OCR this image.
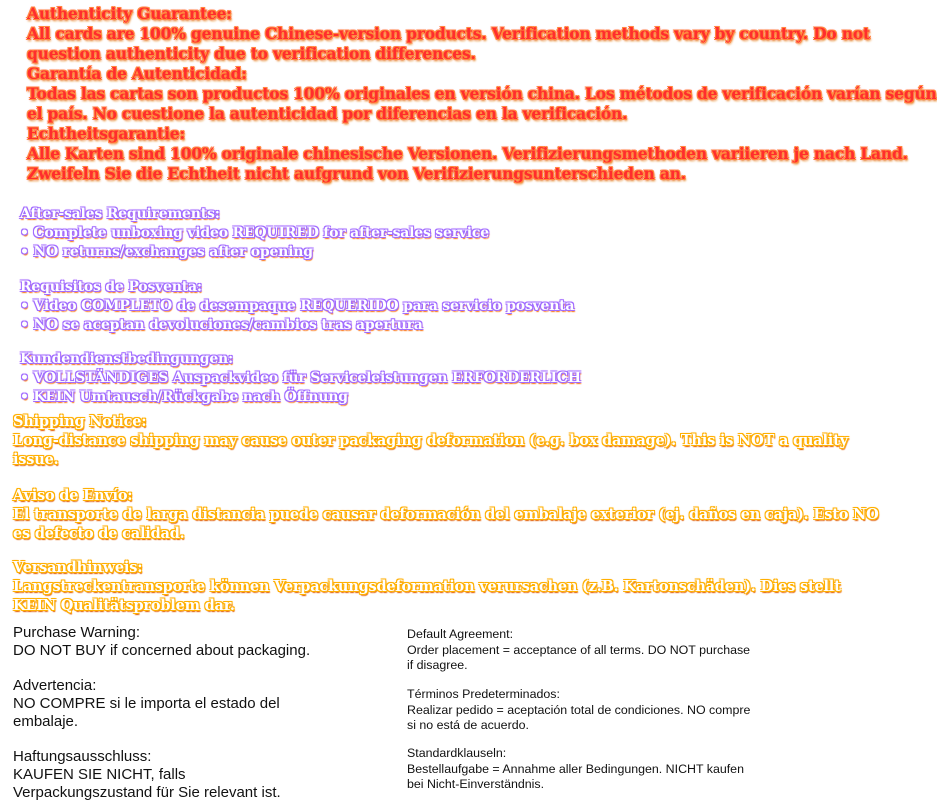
Authenticity Guarantee:
All cards are 100% genuine Chinese-version products. Verification methods vary by country. Do not
question authenticity due to verification differences.
Garantía de Autenticidad:
Todas las cartas son productos 100% originales en versión china. Los métodos de verificación varían según
el país. No cuestione la autenticidad por diferencias en la verificación.
Echtheitsgarantie:
Alle Karten sind 100% originale chinesische Versionen. Verifizierungsmethoden variieren je nach Land.
Zweifeln Sie die Echtheit nicht aufgrund von Verifizierungsunterschieden an.
After-sales Requirements:
• Complete unboxing video REQUIRED for after-sales service
• NO returns/exchanges after opening
Requisitos de Posventa:
• Video COMPLETO de desempaque REQUERIDO para servicio posventa
• NO se aceptan devoluciones/cambios tras apertura
Kundendienstbedingungen:
• VOLLSTÄNDIGES Auspackvideo für Serviceleistungen ERFORDERLICH
• KEIN Umtausch/Rückgabe nach Öffnung
Shipping Notice:
Long-distance shipping may cause outer packaging deformation (e.g. box damage). This is NOT a quality
issue.
Aviso de Envío:
El transporte de larga distancia puede causar deformación del embalaje exterior (ej. daños en caja). Esto NO
es defecto de calidad.
Versandhinweis:
Langstreckentransporte können Verpackungsdeformation verursachen (z.B. Kartonschäden). Dies stellt
KEIN Qualitätsproblem dar.
Purchase Warning:
DO NOT BUY if concerned about packaging.
Advertencia:
NO COMPRE si le importa el estado del
embalaje.
Haftungsausschluss:
KAUFEN SIE NICHT, falls
Verpackungszustand für Sie relevant ist.
Default Agreement:
Order placement = acceptance of all terms. DO NOT purchase
if disagree.
Términos Predeterminados:
Realizar pedido = aceptación total de condiciones. NO compre
si no está de acuerdo.
Standardklauseln:
Bestellaufgabe = Annahme aller Bedingungen. NICHT kaufen
bei Nicht-Einverständnis.
